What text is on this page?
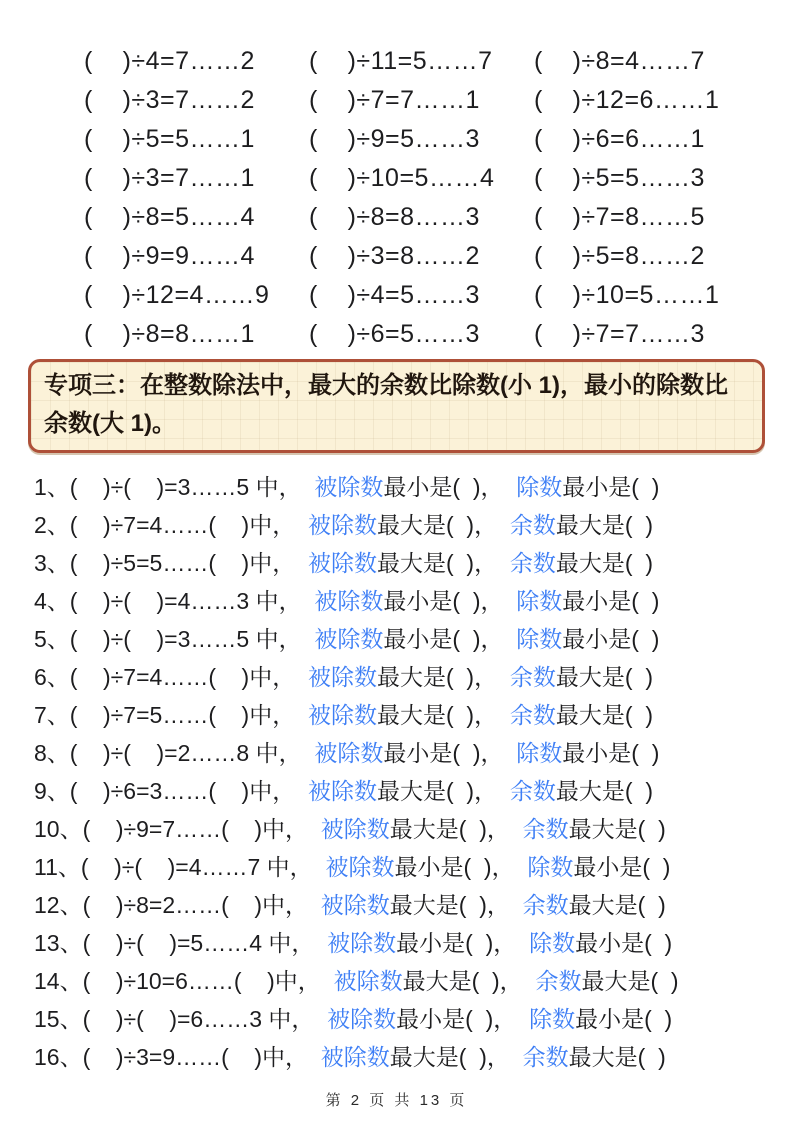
(    )÷4=7……2	(    )÷11=5……7	(    )÷8=4……7
(    )÷3=7……2	(    )÷7=7……1	(    )÷12=6……1
(    )÷5=5……1	(    )÷9=5……3	(    )÷6=6……1
(    )÷3=7……1	(    )÷10=5……4	(    )÷5=5……3
(    )÷8=5……4	(    )÷8=8……3	(    )÷7=8……5
(    )÷9=9……4	(    )÷3=8……2	(    )÷5=8……2
(    )÷12=4……9	(    )÷4=5……3	(    )÷10=5……1
(    )÷8=8……1	(    )÷6=5……3	(    )÷7=7……3
专项三：在整数除法中，最大的余数比除数(小 1)，最小的除数比余数(大 1)。
1、 (    )÷(    )=3……5 中， 被除数 最小是(  )， 除数 最小是(  )
2、 (    )÷7=4……(    )中， 被除数 最大是(  )， 余数 最大是(  )
3、 (    )÷5=5……(    )中， 被除数 最大是(  )， 余数 最大是(  )
4、 (    )÷(    )=4……3 中， 被除数 最小是(  )， 除数 最小是(  )
5、 (    )÷(    )=3……5 中， 被除数 最小是(  )， 除数 最小是(  )
6、 (    )÷7=4……(    )中， 被除数 最大是(  )， 余数 最大是(  )
7、 (    )÷7=5……(    )中， 被除数 最大是(  )， 余数 最大是(  )
8、 (    )÷(    )=2……8 中， 被除数 最小是(  )， 除数 最小是(  )
9、 (    )÷6=3……(    )中， 被除数 最大是(  )， 余数 最大是(  )
10、 (    )÷9=7……(    )中， 被除数 最大是(  )， 余数 最大是(  )
11、 (    )÷(    )=4……7 中， 被除数 最小是(  )， 除数 最小是(  )
12、 (    )÷8=2……(    )中， 被除数 最大是(  )， 余数 最大是(  )
13、 (    )÷(    )=5……4 中， 被除数 最小是(  )， 除数 最小是(  )
14、 (    )÷10=6……(    )中， 被除数 最大是(  )， 余数 最大是(  )
15、 (    )÷(    )=6……3 中， 被除数 最小是(  )， 除数 最小是(  )
16、 (    )÷3=9……(    )中， 被除数 最大是(  )， 余数 最大是(  )
第 2 页 共 13 页
